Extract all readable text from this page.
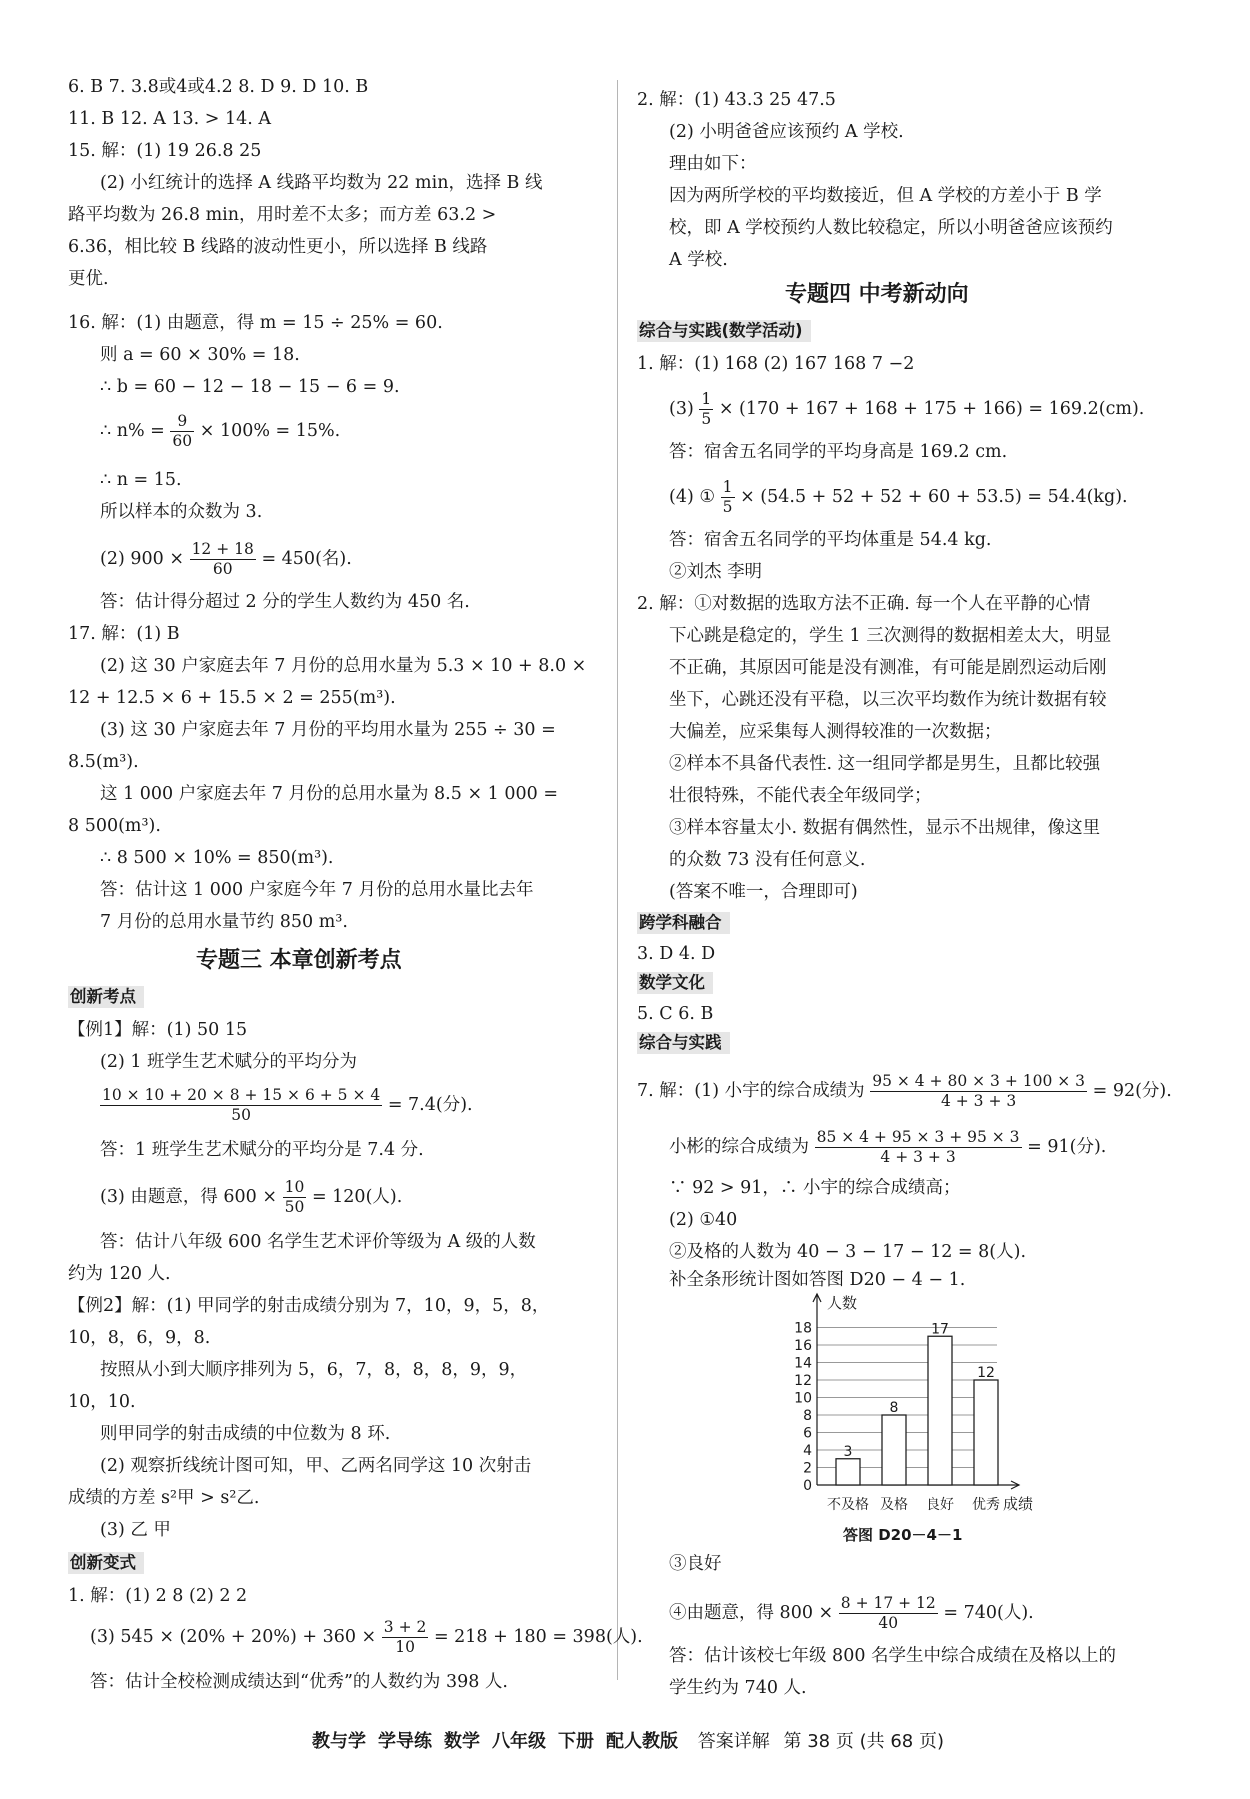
6. B 7. 3.8或4或4.2 8. D 9. D 10. B
11. B 12. A 13. > 14. A
15. 解：(1) 19 26.8 25
(2) 小红统计的选择 A 线路平均数为 22 min，选择 B 线
路平均数为 26.8 min，用时差不太多；而方差 63.2 >
6.36，相比较 B 线路的波动性更小，所以选择 B 线路
更优.
16. 解：(1) 由题意，得 m = 15 ÷ 25% = 60.
则 a = 60 × 30% = 18.
∴ b = 60 − 12 − 18 − 15 − 6 = 9.
∴ $n\% = \frac{9}{60} \times 100\% = 15\%$.
∴ n = 15.
所以样本的众数为 3.
(2) $900 \times \frac{12 + 18}{60} = 450$(名).
答：估计得分超过 2 分的学生人数约为 450 名.
17. 解：(1) B
(2) 这 30 户家庭去年 7 月份的总用水量为 5.3 × 10 + 8.0 ×
12 + 12.5 × 6 + 15.5 × 2 = 255(m³).
(3) 这 30 户家庭去年 7 月份的平均用水量为 255 ÷ 30 =
8.5(m³).
这 1 000 户家庭去年 7 月份的总用水量为 8.5 × 1 000 =
8 500(m³).
∴ 8 500 × 10% = 850(m³).
答：估计这 1 000 户家庭今年 7 月份的总用水量比去年
7 月份的总用水量节约 850 m³.
专题三 本章创新考点
创新考点
【例1】解：(1) 50 15
(2) 1 班学生艺术赋分的平均分为
$\frac{10 \times 10 + 20 \times 8 + 15 \times 6 + 5 \times 4}{50} = 7.4$(分).
答：1 班学生艺术赋分的平均分是 7.4 分.
(3) 由题意，得 $600 \times \frac{10}{50} = 120$(人).
答：估计八年级 600 名学生艺术评价等级为 A 级的人数
约为 120 人.
【例2】解：(1) 甲同学的射击成绩分别为 7，10，9，5，8，
10，8，6，9，8.
按照从小到大顺序排列为 5，6，7，8，8，8，9，9，
10，10.
则甲同学的射击成绩的中位数为 8 环.
(2) 观察折线统计图可知，甲、乙两名同学这 10 次射击
成绩的方差 s²甲 > s²乙.
(3) 乙 甲
创新变式
1. 解：(1) 2 8 (2) 2 2
(3) $545 \times (20\% + 20\%) + 360 \times \frac{3 + 2}{10} = 218 + 180 = 398$(人).
答：估计全校检测成绩达到“优秀”的人数约为 398 人.
2. 解：(1) 43.3 25 47.5
(2) 小明爸爸应该预约 A 学校.
理由如下：
因为两所学校的平均数接近，但 A 学校的方差小于 B 学
校，即 A 学校预约人数比较稳定，所以小明爸爸应该预约
A 学校.
专题四 中考新动向
综合与实践(数学活动)
1. 解：(1) 168 (2) 167 168 7 −2
$(3) \frac{1}{5} \times (170 + 167 + 168 + 175 + 166) = 169.2(cm)$.
答：宿舍五名同学的平均身高是 169.2 cm.
(4) ① $\frac{1}{5} \times (54.5 + 52 + 52 + 60 + 53.5) = 54.4(kg)$.
答：宿舍五名同学的平均体重是 54.4 kg.
②刘杰 李明
2. 解：①对数据的选取方法不正确. 每一个人在平静的心情
下心跳是稳定的，学生 1 三次测得的数据相差太大，明显
不正确，其原因可能是没有测准，有可能是剧烈运动后刚
坐下，心跳还没有平稳，以三次平均数作为统计数据有较
大偏差，应采集每人测得较准的一次数据；
②样本不具备代表性. 这一组同学都是男生，且都比较强
壮很特殊，不能代表全年级同学；
③样本容量太小. 数据有偶然性，显示不出规律，像这里
的众数 73 没有任何意义.
(答案不唯一，合理即可)
跨学科融合
3. D 4. D
数学文化
5. C 6. B
综合与实践
7. 解：(1) 小宇的综合成绩为 $\frac{95 \times 4 + 80 \times 3 + 100 \times 3}{4 + 3 + 3} = 92$(分).
小彬的综合成绩为 $\frac{85 \times 4 + 95 \times 3 + 95 \times 3}{4 + 3 + 3} = 91$(分).
∵ 92 > 91，∴ 小宇的综合成绩高；
(2) ①40
②及格的人数为 40 − 3 − 17 − 12 = 8(人).
补全条形统计图如答图 D20 − 4 − 1.
③良好
④由题意，得 $800 \times \frac{8 + 17 + 12}{40} = 740$(人).
答：估计该校七年级 800 名学生中综合成绩在及格以上的
学生约为 740 人.
0
2
4
6
8
10
12
14
16
18
人数
成绩
3
不及格
8
及格
17
良好
12
优秀
答图 D20－4－1
教与学 学导练 数学 八年级 下册 配人教版 答案详解 第 38 页 (共 68 页)
